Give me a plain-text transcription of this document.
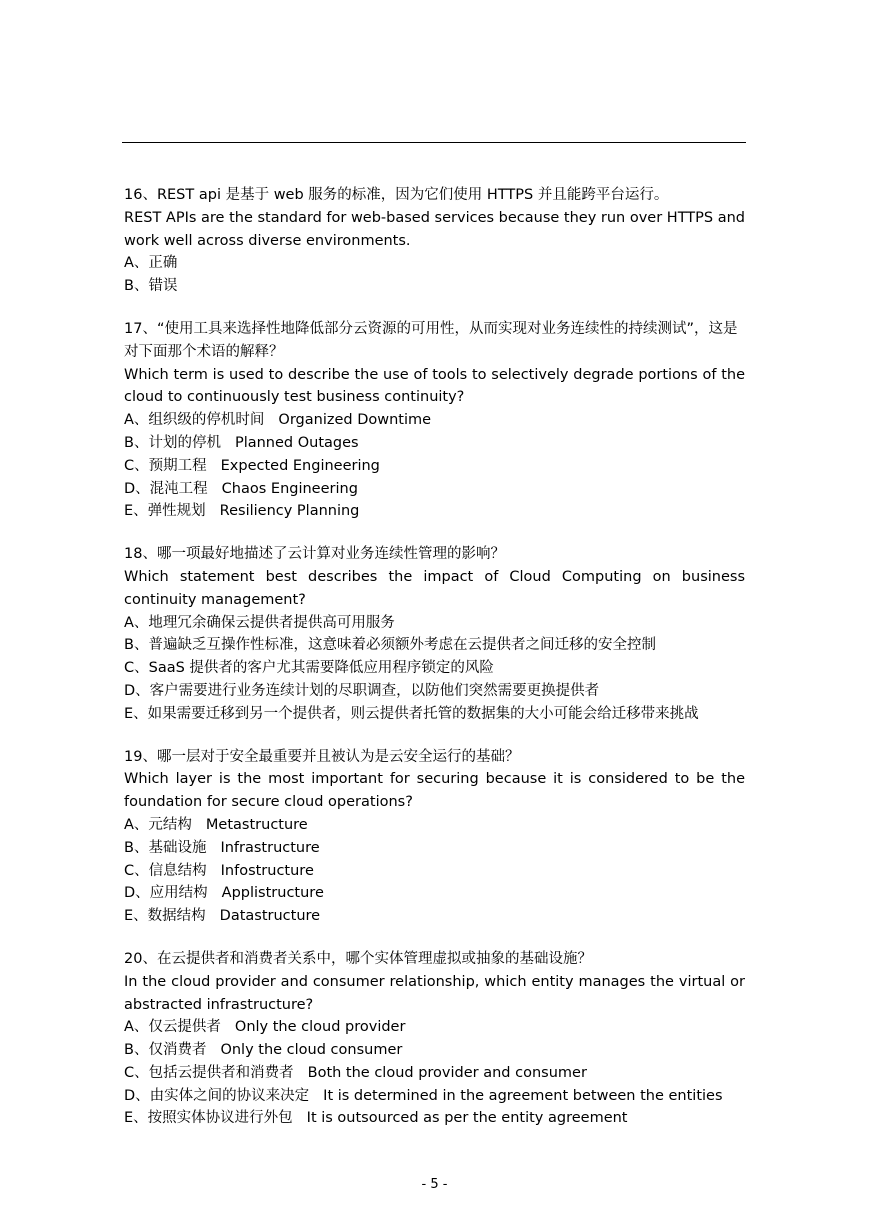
16、REST api 是基于 web 服务的标准，因为它们使用 HTTPS 并且能跨平台运行。

REST APIs are the standard for web-based services because they run over HTTPS and work well across diverse environments.

A、正确

B、错误

17、“使用工具来选择性地降低部分云资源的可用性，从而实现对业务连续性的持续测试”，这是对下面那个术语的解释？

Which term is used to describe the use of tools to selectively degrade portions of the cloud to continuously test business continuity?

A、组织级的停机时间 Organized Downtime

B、计划的停机 Planned Outages

C、预期工程 Expected Engineering

D、混沌工程 Chaos Engineering

E、弹性规划 Resiliency Planning

18、哪一项最好地描述了云计算对业务连续性管理的影响？

Which statement best describes the impact of Cloud Computing on business continuity management?

A、地理冗余确保云提供者提供高可用服务

B、普遍缺乏互操作性标准，这意味着必须额外考虑在云提供者之间迁移的安全控制

C、SaaS 提供者的客户尤其需要降低应用程序锁定的风险

D、客户需要进行业务连续计划的尽职调查，以防他们突然需要更换提供者

E、如果需要迁移到另一个提供者，则云提供者托管的数据集的大小可能会给迁移带来挑战

19、哪一层对于安全最重要并且被认为是云安全运行的基础？

Which layer is the most important for securing because it is considered to be the foundation for secure cloud operations?

A、元结构 Metastructure

B、基础设施 Infrastructure

C、信息结构 Infostructure

D、应用结构 Applistructure

E、数据结构 Datastructure

20、在云提供者和消费者关系中，哪个实体管理虚拟或抽象的基础设施？

In the cloud provider and consumer relationship, which entity manages the virtual or abstracted infrastructure?

A、仅云提供者 Only the cloud provider

B、仅消费者 Only the cloud consumer

C、包括云提供者和消费者 Both the cloud provider and consumer

D、由实体之间的协议来决定 It is determined in the agreement between the entities

E、按照实体协议进行外包 It is outsourced as per the entity agreement

- 5 -
